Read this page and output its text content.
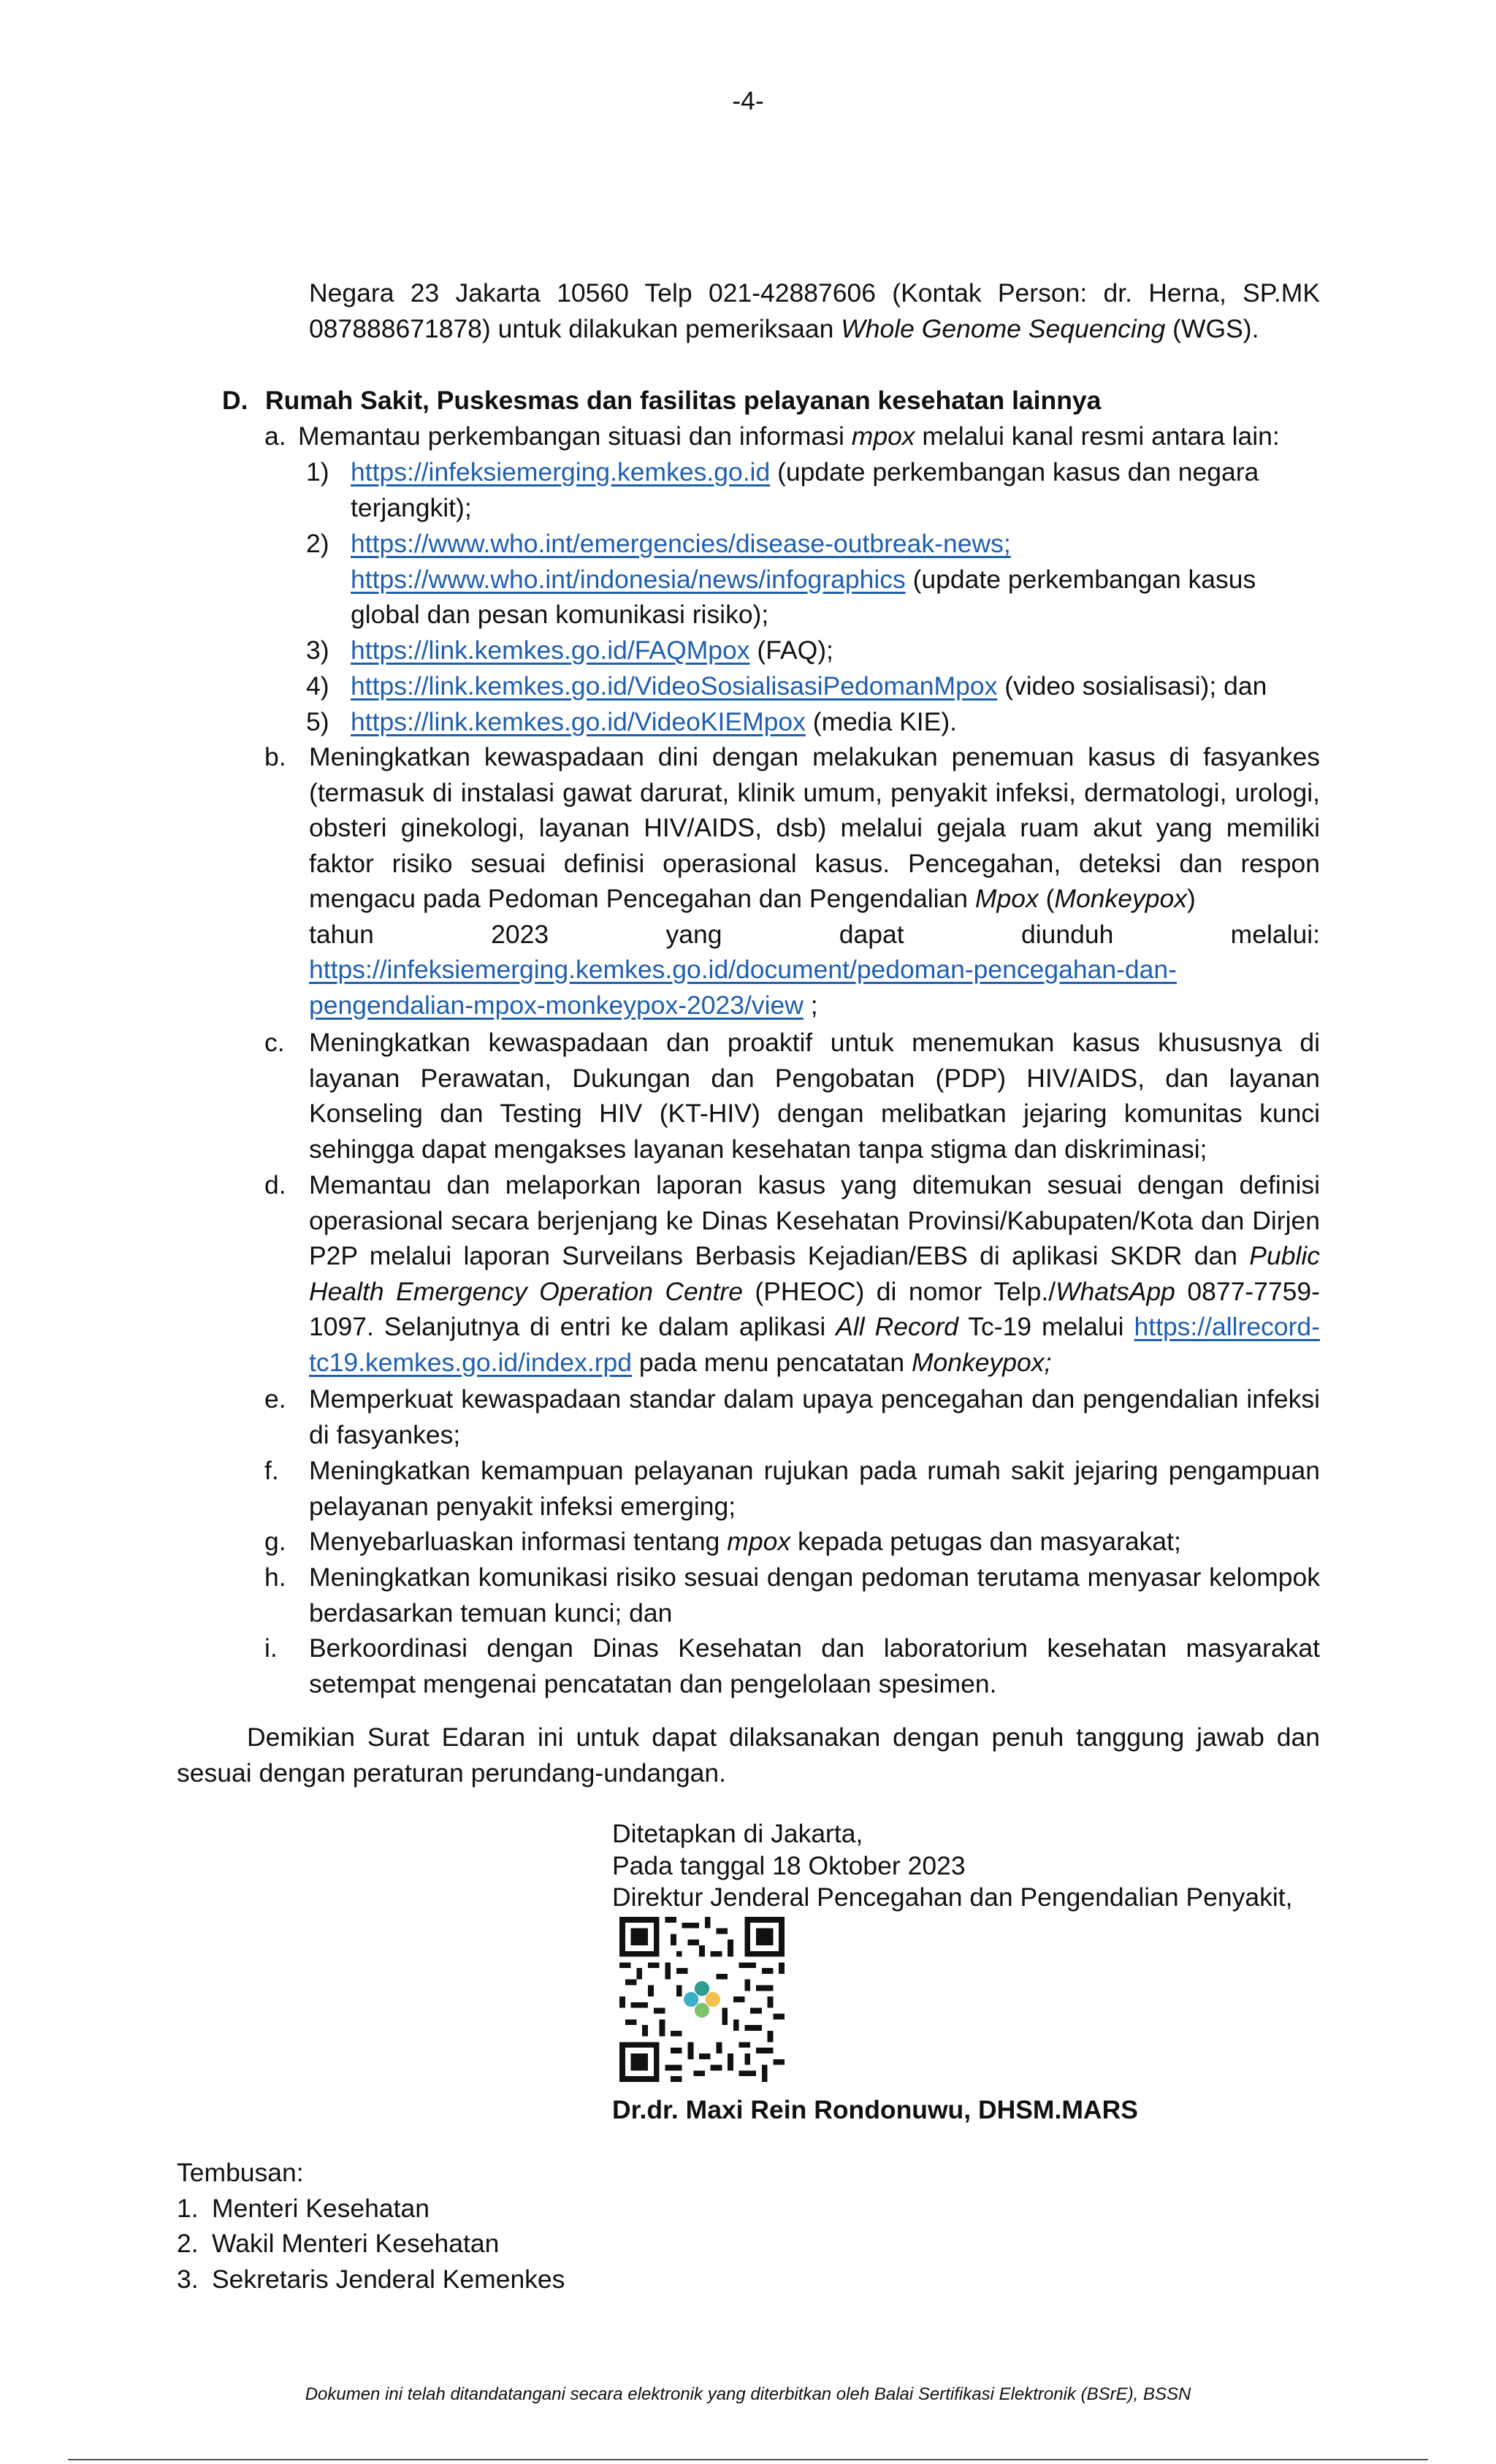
-4-
Negara 23 Jakarta 10560 Telp 021-42887606 (Kontak Person: dr. Herna, SP.MK
087888671878) untuk dilakukan pemeriksaan Whole Genome Sequencing (WGS).
D. Rumah Sakit, Puskesmas dan fasilitas pelayanan kesehatan lainnya
a. Memantau perkembangan situasi dan informasi mpox melalui kanal resmi antara lain:
1) https://infeksiemerging.kemkes.go.id (update perkembangan kasus dan negara
terjangkit);
2) https://www.who.int/emergencies/disease-outbreak-news;
https://www.who.int/indonesia/news/infographics (update perkembangan kasus
global dan pesan komunikasi risiko);
3) https://link.kemkes.go.id/FAQMpox (FAQ);
4) https://link.kemkes.go.id/VideoSosialisasiPedomanMpox (video sosialisasi); dan
5) https://link.kemkes.go.id/VideoKIEMpox (media KIE).
b. Meningkatkan kewaspadaan dini dengan melakukan penemuan kasus di fasyankes (termasuk di instalasi gawat darurat, klinik umum, penyakit infeksi, dermatologi, urologi, obsteri ginekologi, layanan HIV/AIDS, dsb) melalui gejala ruam akut yang memiliki faktor risiko sesuai definisi operasional kasus. Pencegahan, deteksi dan respon mengacu pada Pedoman Pencegahan dan Pengendalian Mpox (Monkeypox)
tahun 2023 yang dapat diunduh melalui:
https://infeksiemerging.kemkes.go.id/document/pedoman-pencegahan-dan-
pengendalian-mpox-monkeypox-2023/view ;
c. Meningkatkan kewaspadaan dan proaktif untuk menemukan kasus khususnya di layanan Perawatan, Dukungan dan Pengobatan (PDP) HIV/AIDS, dan layanan Konseling dan Testing HIV (KT-HIV) dengan melibatkan jejaring komunitas kunci sehingga dapat mengakses layanan kesehatan tanpa stigma dan diskriminasi;
d. Memantau dan melaporkan laporan kasus yang ditemukan sesuai dengan definisi operasional secara berjenjang ke Dinas Kesehatan Provinsi/Kabupaten/Kota dan Dirjen P2P melalui laporan Surveilans Berbasis Kejadian/EBS di aplikasi SKDR dan Public Health Emergency Operation Centre (PHEOC) di nomor Telp./WhatsApp 0877-7759-1097. Selanjutnya di entri ke dalam aplikasi All Record Tc-19 melalui https://allrecord-tc19.kemkes.go.id/index.rpd pada menu pencatatan Monkeypox;
e. Memperkuat kewaspadaan standar dalam upaya pencegahan dan pengendalian infeksi di fasyankes;
f. Meningkatkan kemampuan pelayanan rujukan pada rumah sakit jejaring pengampuan pelayanan penyakit infeksi emerging;
g. Menyebarluaskan informasi tentang mpox kepada petugas dan masyarakat;
h. Meningkatkan komunikasi risiko sesuai dengan pedoman terutama menyasar kelompok berdasarkan temuan kunci; dan
i. Berkoordinasi dengan Dinas Kesehatan dan laboratorium kesehatan masyarakat setempat mengenai pencatatan dan pengelolaan spesimen.
Demikian Surat Edaran ini untuk dapat dilaksanakan dengan penuh tanggung jawab dan
sesuai dengan peraturan perundang-undangan.
Ditetapkan di Jakarta,
Pada tanggal 18 Oktober 2023
Direktur Jenderal Pencegahan dan Pengendalian Penyakit,
Dr.dr. Maxi Rein Rondonuwu, DHSM.MARS
Tembusan:
1. Menteri Kesehatan
2. Wakil Menteri Kesehatan
3. Sekretaris Jenderal Kemenkes
Dokumen ini telah ditandatangani secara elektronik yang diterbitkan oleh Balai Sertifikasi Elektronik (BSrE), BSSN
